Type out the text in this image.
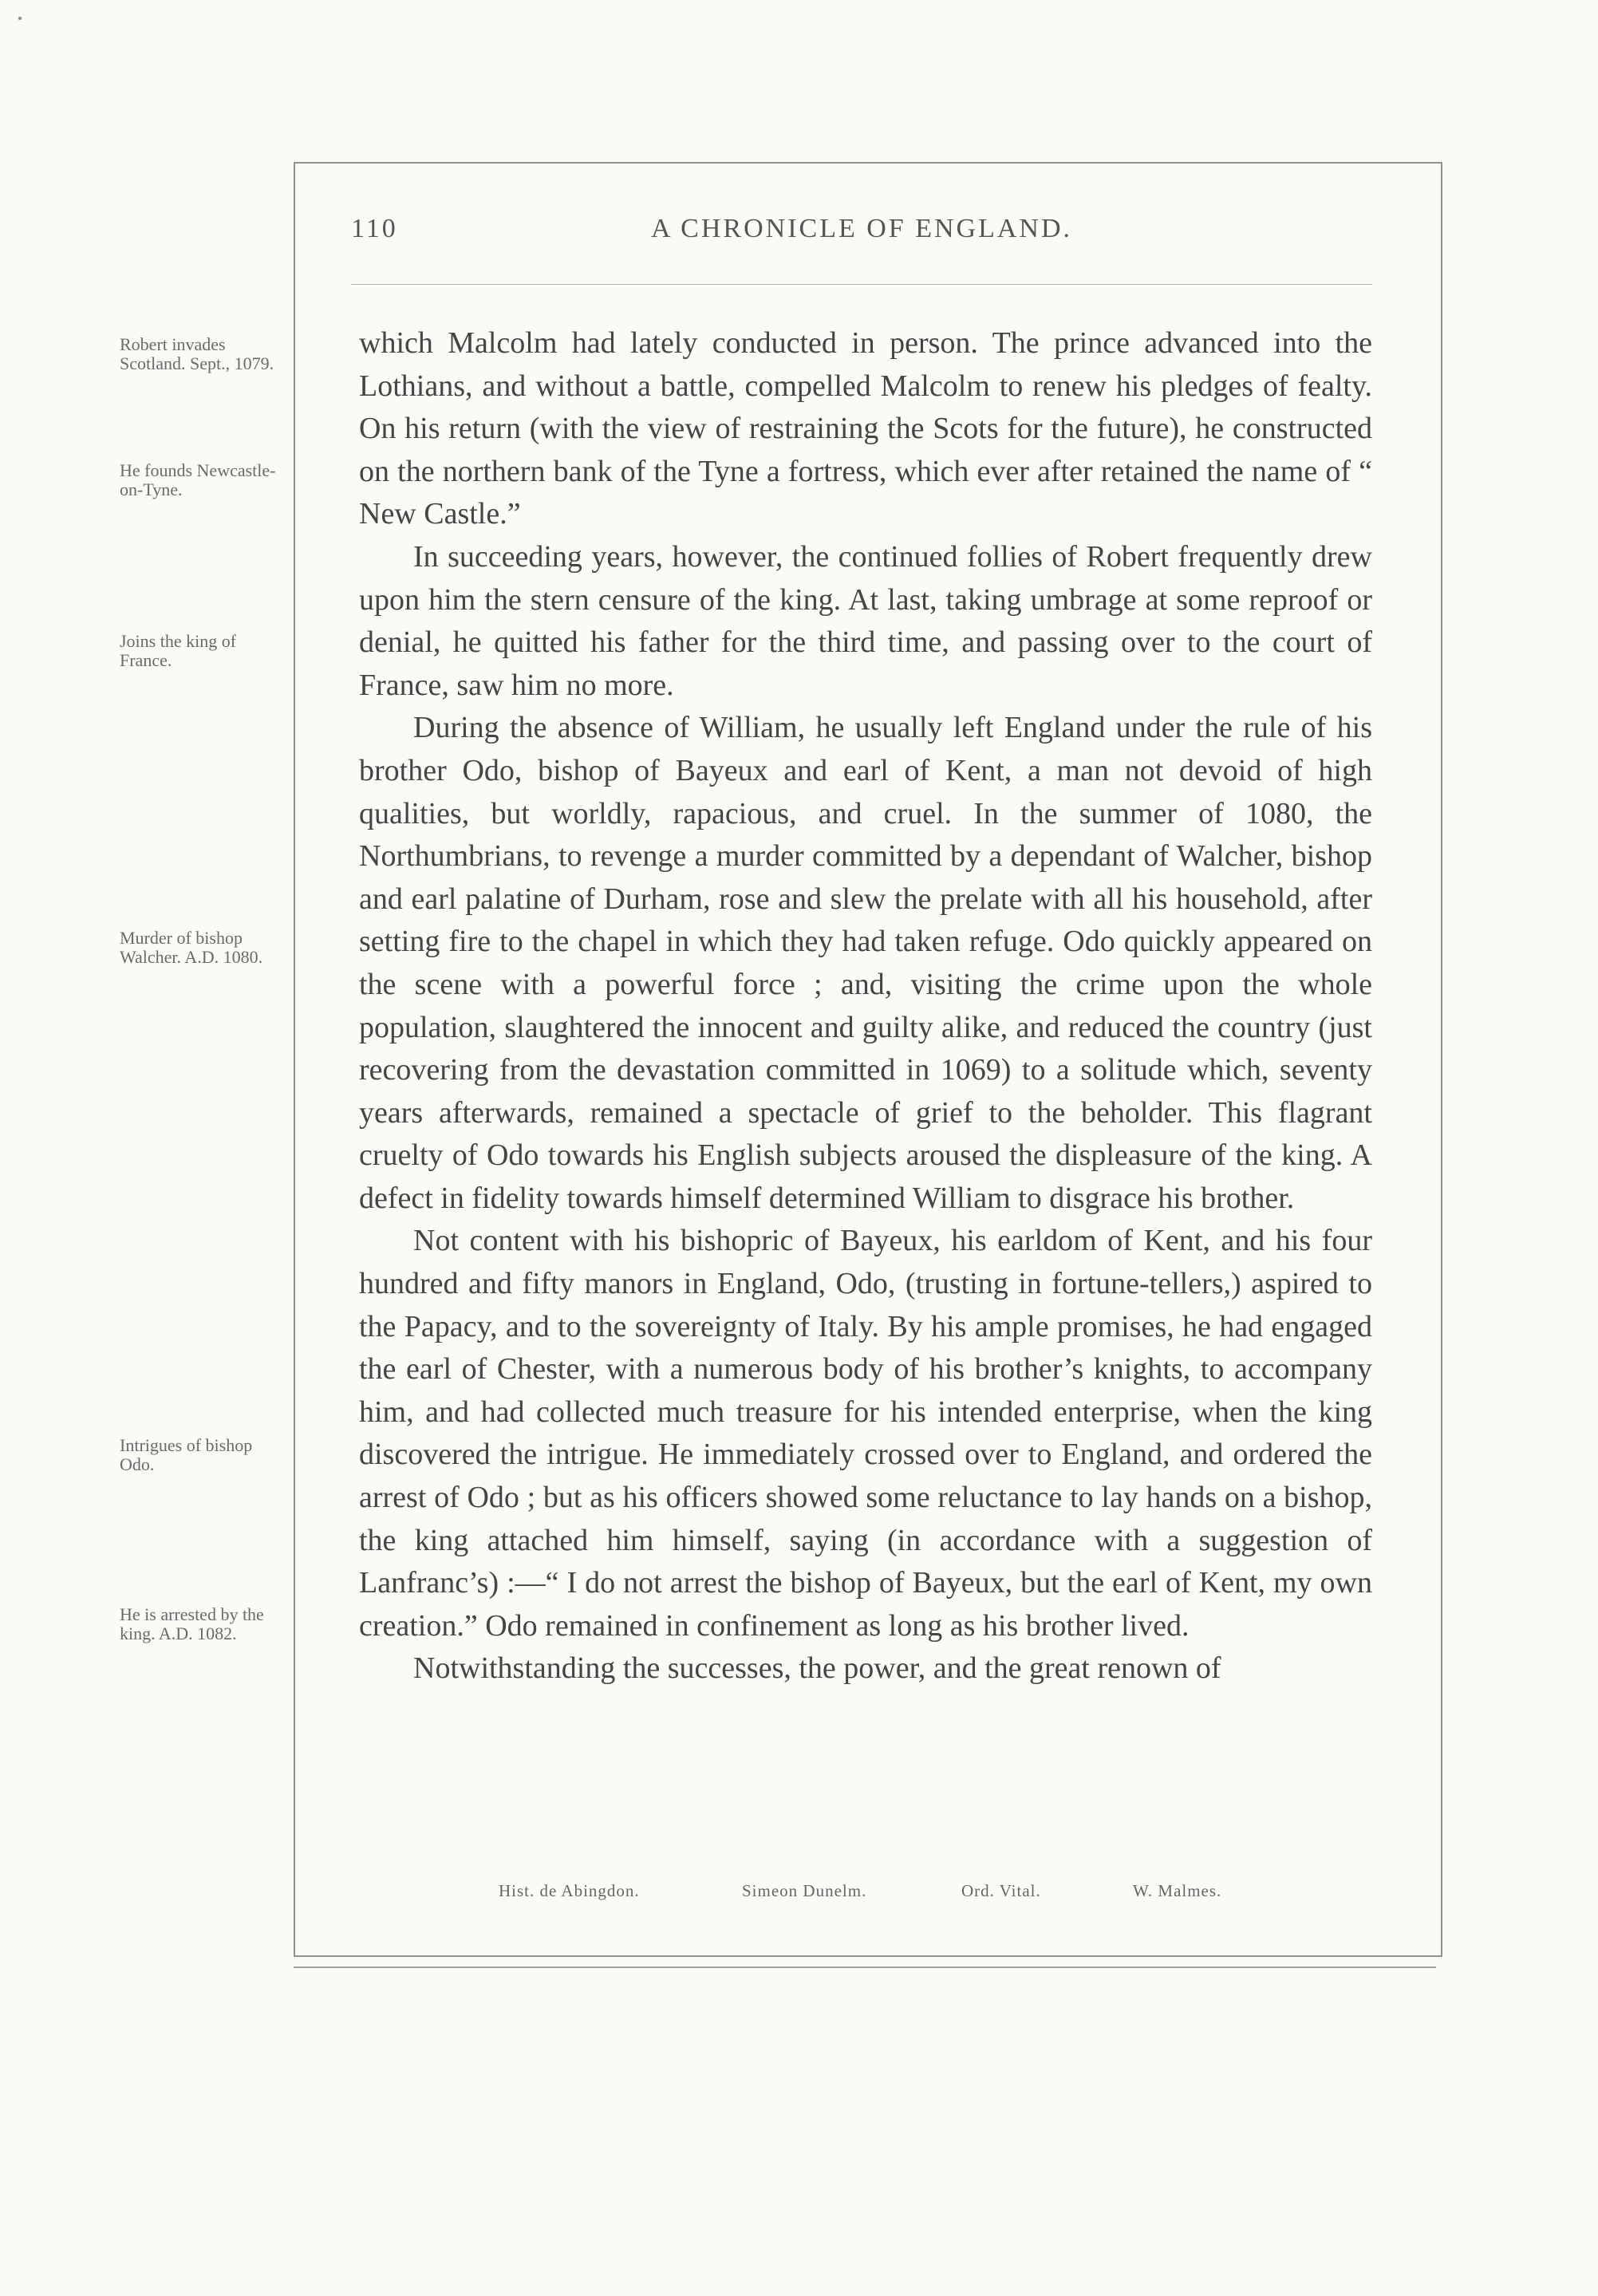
110	A CHRONICLE OF ENGLAND.
Robert invades Scotland. Sept., 1079.
He founds Newcastle-on-Tyne.
Joins the king of France.
Murder of bishop Walcher. A.D. 1080.
Intrigues of bishop Odo.
He is arrested by the king. A.D. 1082.

which Malcolm had lately conducted in person. The prince advanced into the Lothians, and without a battle, compelled Malcolm to renew his pledges of fealty. On his return (with the view of restraining the Scots for the future), he constructed on the northern bank of the Tyne a fortress, which ever after retained the name of “ New Castle.”

In succeeding years, however, the continued follies of Robert frequently drew upon him the stern censure of the king. At last, taking umbrage at some reproof or denial, he quitted his father for the third time, and passing over to the court of France, saw him no more.

During the absence of William, he usually left England under the rule of his brother Odo, bishop of Bayeux and earl of Kent, a man not devoid of high qualities, but worldly, rapacious, and cruel. In the summer of 1080, the Northumbrians, to revenge a murder committed by a dependant of Walcher, bishop and earl palatine of Durham, rose and slew the prelate with all his household, after setting fire to the chapel in which they had taken refuge. Odo quickly appeared on the scene with a powerful force ; and, visiting the crime upon the whole population, slaughtered the innocent and guilty alike, and reduced the country (just recovering from the devastation committed in 1069) to a solitude which, seventy years afterwards, remained a spectacle of grief to the beholder. This flagrant cruelty of Odo towards his English subjects aroused the displeasure of the king. A defect in fidelity towards himself determined William to disgrace his brother.

Not content with his bishopric of Bayeux, his earldom of Kent, and his four hundred and fifty manors in England, Odo, (trusting in fortune-tellers,) aspired to the Papacy, and to the sovereignty of Italy. By his ample promises, he had engaged the earl of Chester, with a numerous body of his brother’s knights, to accompany him, and had collected much treasure for his intended enterprise, when the king discovered the intrigue. He immediately crossed over to England, and ordered the arrest of Odo ; but as his officers showed some reluctance to lay hands on a bishop, the king attached him himself, saying (in accordance with a suggestion of Lanfranc’s) :—“ I do not arrest the bishop of Bayeux, but the earl of Kent, my own creation.” Odo remained in confinement as long as his brother lived.

Notwithstanding the successes, the power, and the great renown of

Hist. de Abingdon.	Simeon Dunelm.	Ord. Vital.	W. Malmes.
